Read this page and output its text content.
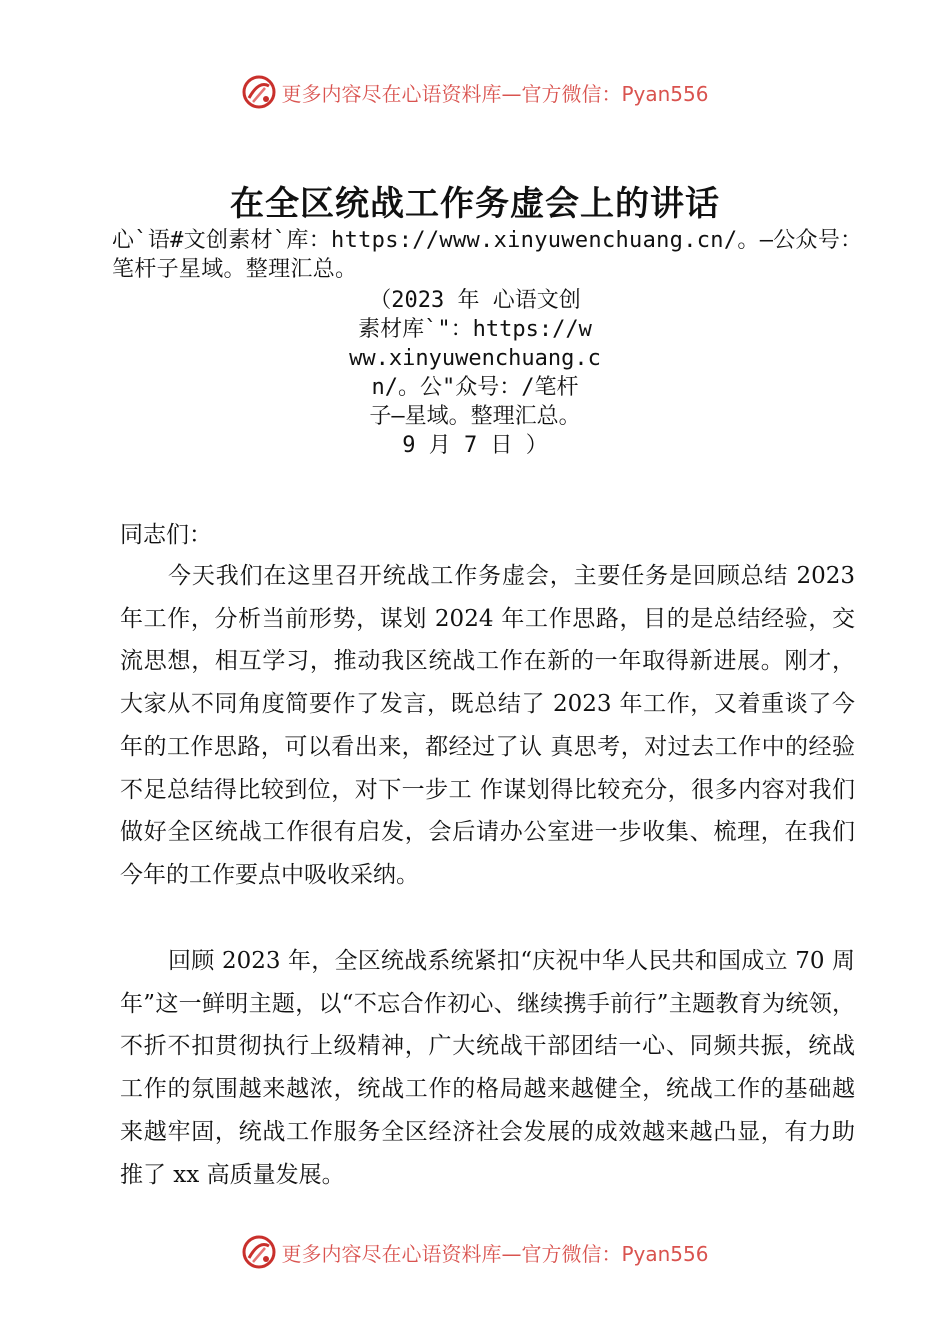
更多内容尽在心语资料库—官方微信：Pyan556
在全区统战工作务虚会上的讲话
心`语#文创素材`库：https://www.xinyuwenchuang.cn/。—公众号：笔杆子星域。整理汇总。
（2023 年 心语文创
素材库`"：https://w
ww.xinyuwenchuang.c
n/。公"众号：/笔杆
子—星域。整理汇总。
9 月 7 日 ）
同志们：
今天我们在这里召开统战工作务虚会，主要任务是回顾总结 2023 年工作，分析当前形势，谋划 2024 年工作思路，目的是总结经验，交流思想，相互学习，推动我区统战工作在新的一年取得新进展。刚才，大家从不同角度简要作了发言，既总结了 2023 年工作，又着重谈了今年的工作思路，可以看出来，都经过了认 真思考，对过去工作中的经验不足总结得比较到位，对下一步工 作谋划得比较充分，很多内容对我们做好全区统战工作很有启发，会后请办公室进一步收集、梳理，在我们今年的工作要点中吸收采纳。
回顾 2023 年，全区统战系统紧扣“庆祝中华人民共和国成立 70 周年”这一鲜明主题，以“不忘合作初心、继续携手前行”主题教育为统领，不折不扣贯彻执行上级精神，广大统战干部团结一心、同频共振，统战工作的氛围越来越浓，统战工作的格局越来越健全，统战工作的基础越来越牢固，统战工作服务全区经济社会发展的成效越来越凸显，有力助推了 xx 高质量发展。
更多内容尽在心语资料库—官方微信：Pyan556
